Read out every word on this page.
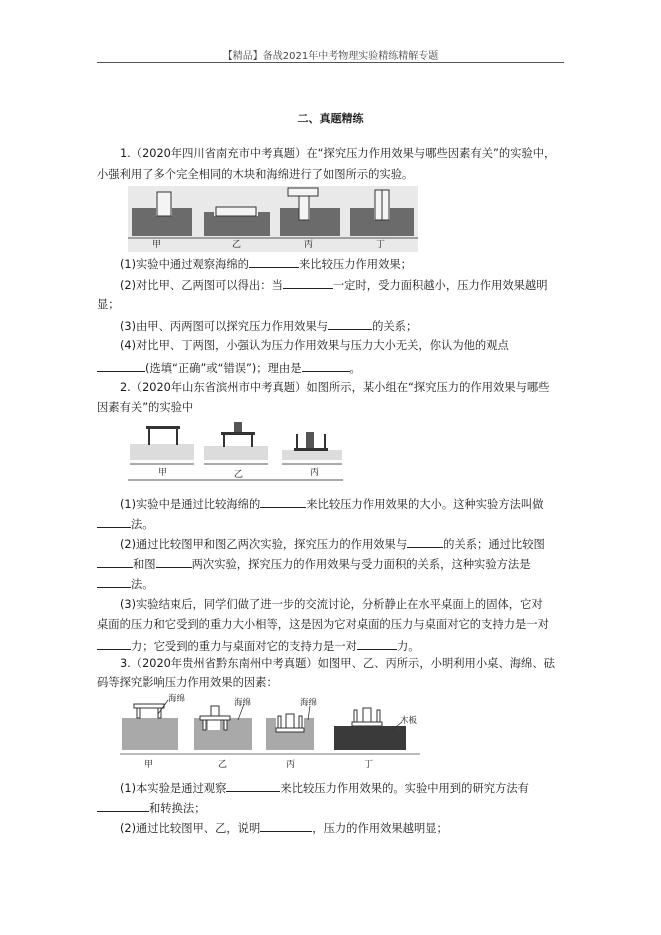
【精品】备战2021年中考物理实验精练精解专题
二、真题精练
1.（2020年四川省南充市中考真题）在“探究压力作用效果与哪些因素有关”的实验中，
小强利用了多个完全相同的木块和海绵进行了如图所示的实验。
甲	乙	丙	丁
(1)实验中通过观察海绵的	来比较压力作用效果；
(2)对比甲、乙两图可以得出：当	一定时，受力面积越小，压力作用效果越明
显；
(3)由甲、丙两图可以探究压力作用效果与	的关系；
(4)对比甲、丁两图，小强认为压力作用效果与压力大小无关，你认为他的观点
(选填“正确”或“错误”)；理由是	。
2.（2020年山东省滨州市中考真题）如图所示，某小组在“探究压力的作用效果与哪些
因素有关”的实验中
甲	乙	丙
(1)实验中是通过比较海绵的	来比较压力作用效果的大小。这种实验方法叫做
法。
(2)通过比较图甲和图乙两次实验，探究压力的作用效果与	的关系；通过比较图
和图	两次实验，探究压力的作用效果与受力面积的关系，这种实验方法是
法。
(3)实验结束后，同学们做了进一步的交流讨论，分析静止在水平桌面上的固体，它对
桌面的压力和它受到的重力大小相等，这是因为它对桌面的压力与桌面对它的支持力是一对
力；它受到的重力与桌面对它的支持力是一对	力。
3.（2020年贵州省黔东南州中考真题）如图甲、乙、丙所示，小明利用小桌、海绵、砝
码等探究影响压力作用效果的因素：
海绵	海绵	海绵
木板
甲	乙	丙	丁
(1)本实验是通过观察	来比较压力作用效果的。实验中用到的研究方法有
和转换法；
(2)通过比较图甲、乙，说明	，压力的作用效果越明显；
